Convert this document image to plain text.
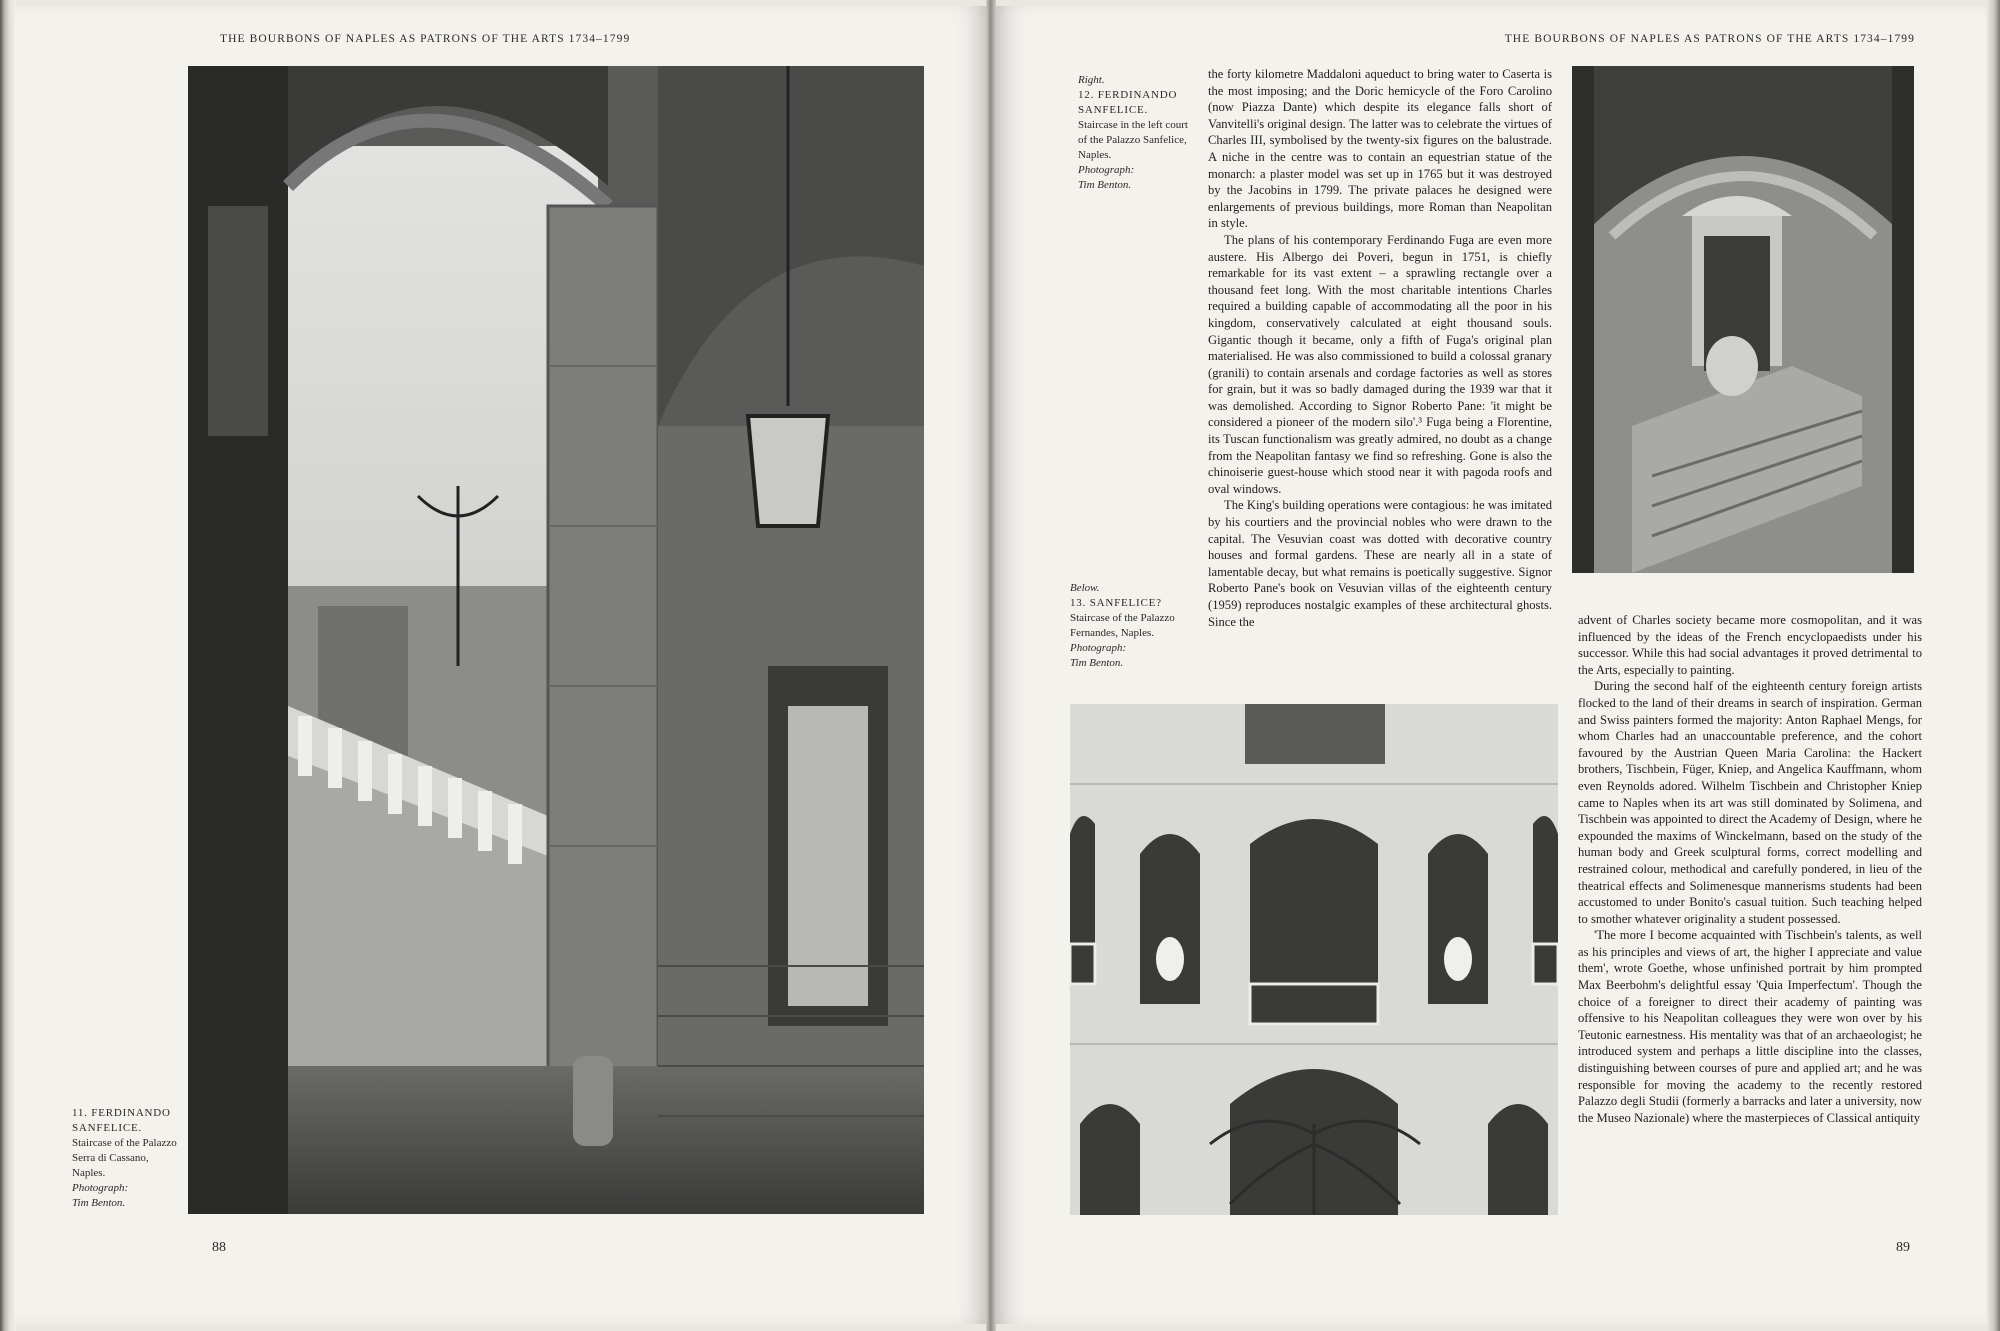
THE BOURBONS OF NAPLES AS PATRONS OF THE ARTS 1734–1799	THE BOURBONS OF NAPLES AS PATRONS OF THE ARTS 1734–1799
11. FERDINANDO SANFELICE.
Staircase of the Palazzo Serra di Cassano, Naples.
Photograph:
Tim Benton.
Right.
12. FERDINANDO SANFELICE.
Staircase in the left court of the Palazzo Sanfelice, Naples.
Photograph:
Tim Benton.
Below.
13. SANFELICE?
Staircase of the Palazzo Fernandes, Naples.
Photograph:
Tim Benton.

the forty kilometre Maddaloni aqueduct to bring water to Caserta is the most imposing; and the Doric hemicycle of the Foro Carolino (now Piazza Dante) which despite its elegance falls short of Vanvitelli's original design. The latter was to celebrate the virtues of Charles III, symbolised by the twenty-six figures on the balustrade. A niche in the centre was to contain an equestrian statue of the monarch: a plaster model was set up in 1765 but it was destroyed by the Jacobins in 1799. The private palaces he designed were enlargements of previous buildings, more Roman than Neapolitan in style.

The plans of his contemporary Ferdinando Fuga are even more austere. His Albergo dei Poveri, begun in 1751, is chiefly remarkable for its vast extent – a sprawling rectangle over a thousand feet long. With the most charitable intentions Charles required a building capable of accommodating all the poor in his kingdom, conservatively calculated at eight thousand souls. Gigantic though it became, only a fifth of Fuga's original plan materialised. He was also commissioned to build a colossal granary (granili) to contain arsenals and cordage factories as well as stores for grain, but it was so badly damaged during the 1939 war that it was demolished. According to Signor Roberto Pane: 'it might be considered a pioneer of the modern silo'.³ Fuga being a Florentine, its Tuscan functionalism was greatly admired, no doubt as a change from the Neapolitan fantasy we find so refreshing. Gone is also the chinoiserie guest-house which stood near it with pagoda roofs and oval windows.

The King's building operations were contagious: he was imitated by his courtiers and the provincial nobles who were drawn to the capital. The Vesuvian coast was dotted with decorative country houses and formal gardens. These are nearly all in a state of lamentable decay, but what remains is poetically suggestive. Signor Roberto Pane's book on Vesuvian villas of the eighteenth century (1959) reproduces nostalgic examples of these architectural ghosts. Since the	advent of Charles society became more cosmopolitan, and it was influenced by the ideas of the French encyclopaedists under his successor. While this had social advantages it proved detrimental to the Arts, especially to painting.

During the second half of the eighteenth century foreign artists flocked to the land of their dreams in search of inspiration. German and Swiss painters formed the majority: Anton Raphael Mengs, for whom Charles had an unaccountable preference, and the cohort favoured by the Austrian Queen Maria Carolina: the Hackert brothers, Tischbein, Füger, Kniep, and Angelica Kauffmann, whom even Reynolds adored. Wilhelm Tischbein and Christopher Kniep came to Naples when its art was still dominated by Solimena, and Tischbein was appointed to direct the Academy of Design, where he expounded the maxims of Winckelmann, based on the study of the human body and Greek sculptural forms, correct modelling and restrained colour, methodical and carefully pondered, in lieu of the theatrical effects and Solimenesque mannerisms students had been accustomed to under Bonito's casual tuition. Such teaching helped to smother whatever originality a student possessed.

'The more I become acquainted with Tischbein's talents, as well as his principles and views of art, the higher I appreciate and value them', wrote Goethe, whose unfinished portrait by him prompted Max Beerbohm's delightful essay 'Quia Imperfectum'. Though the choice of a foreigner to direct their academy of painting was offensive to his Neapolitan colleagues they were won over by his Teutonic earnestness. His mentality was that of an archaeologist; he introduced system and perhaps a little discipline into the classes, distinguishing between courses of pure and applied art; and he was responsible for moving the academy to the recently restored Palazzo degli Studii (formerly a barracks and later a university, now the Museo Nazionale) where the masterpieces of Classical antiquity

88	89
